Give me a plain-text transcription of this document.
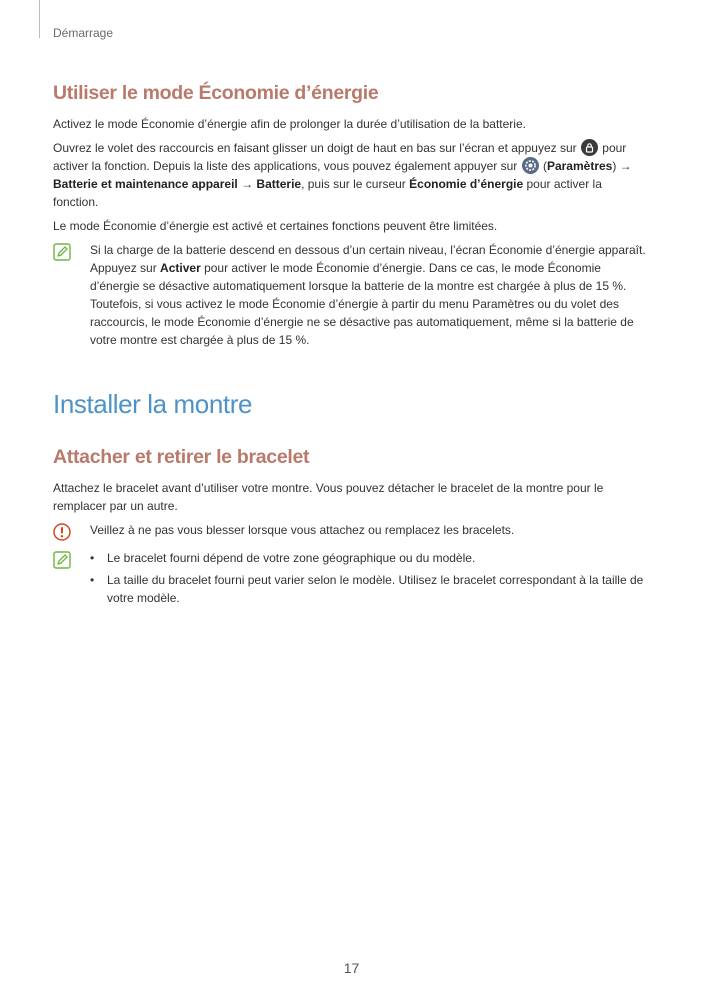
Démarrage
Utiliser le mode Économie d’énergie

Activez le mode Économie d’énergie afin de prolonger la durée d’utilisation de la batterie.

Ouvrez le volet des raccourcis en faisant glisser un doigt de haut en bas sur l’écran et appuyez sur  pour activer la fonction. Depuis la liste des applications, vous pouvez également appuyer sur  (Paramètres) → Batterie et maintenance appareil → Batterie, puis sur le curseur Économie d’énergie pour activer la fonction.

Le mode Économie d’énergie est activé et certaines fonctions peuvent être limitées.

Si la charge de la batterie descend en dessous d’un certain niveau, l’écran Économie d’énergie apparaît. Appuyez sur Activer pour activer le mode Économie d’énergie. Dans ce cas, le mode Économie d’énergie se désactive automatiquement lorsque la batterie de la montre est chargée à plus de 15 %. Toutefois, si vous activez le mode Économie d’énergie à partir du menu Paramètres ou du volet des raccourcis, le mode Économie d’énergie ne se désactive pas automatiquement, même si la batterie de votre montre est chargée à plus de 15 %.

Installer la montre
Attacher et retirer le bracelet

Attachez le bracelet avant d’utiliser votre montre. Vous pouvez détacher le bracelet de la montre pour le remplacer par un autre.

Veillez à ne pas vous blesser lorsque vous attachez ou remplacez les bracelets.

• Le bracelet fourni dépend de votre zone géographique ou du modèle.
• La taille du bracelet fourni peut varier selon le modèle. Utilisez le bracelet correspondant à la taille de votre modèle.
17
